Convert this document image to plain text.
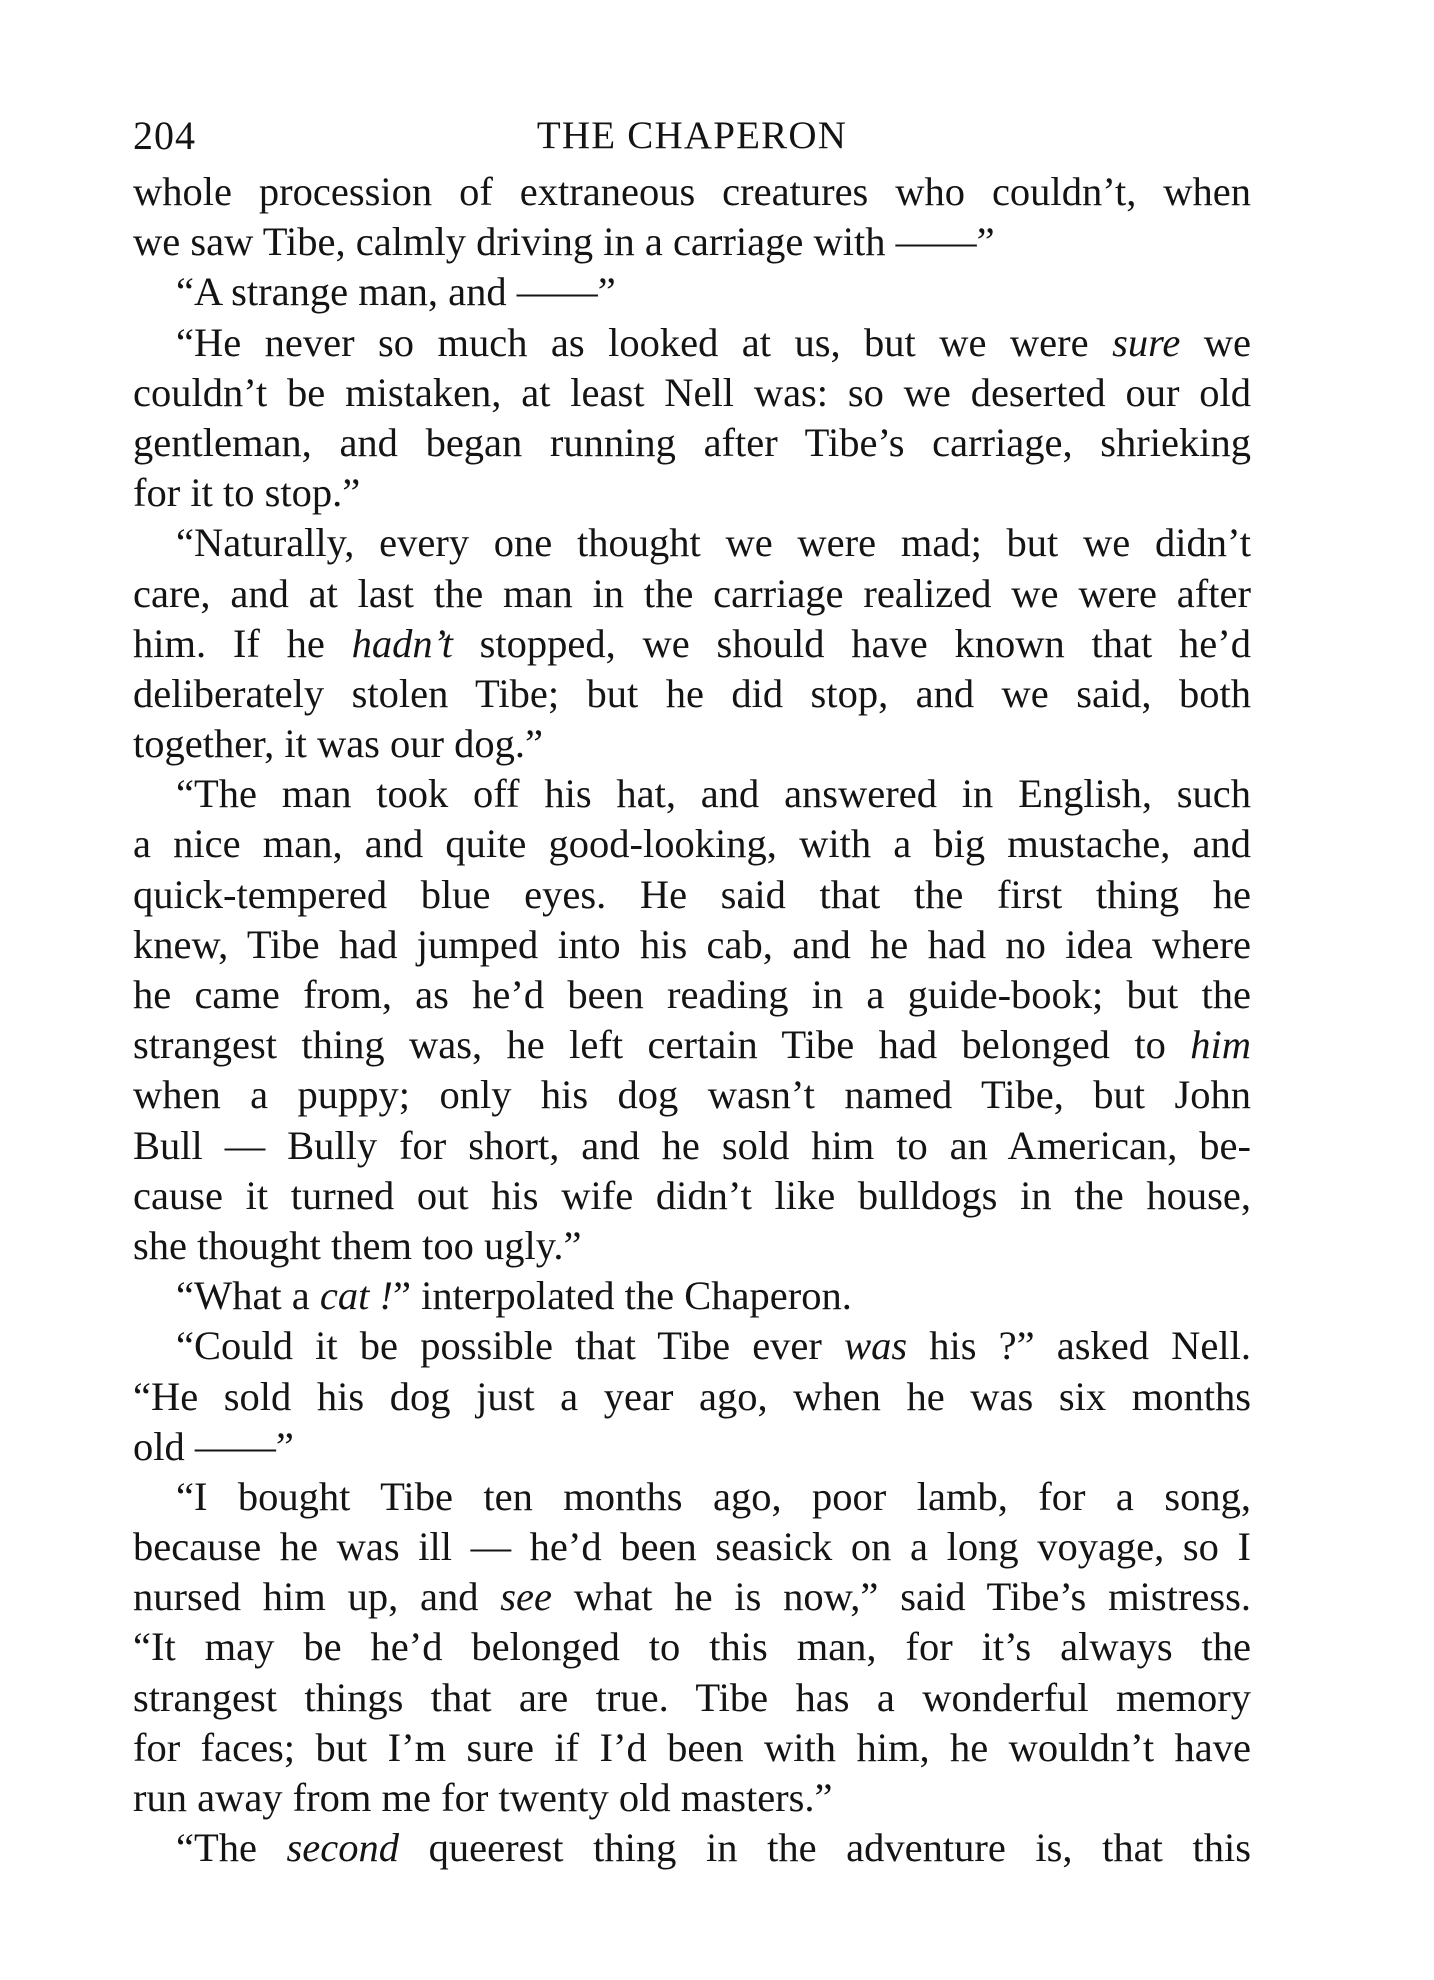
204	THE CHAPERON
whole procession of extraneous creatures who couldn’t, when
we saw Tibe, calmly driving in a carriage with ——”
“A strange man, and ——”
“He never so much as looked at us, but we were sure we
couldn’t be mistaken, at least Nell was: so we deserted our old
gentleman, and began running after Tibe’s carriage, shrieking
for it to stop.”
“Naturally, every one thought we were mad; but we didn’t
care, and at last the man in the carriage realized we were after
him. If he hadn’t stopped, we should have known that he’d
deliberately stolen Tibe; but he did stop, and we said, both
together, it was our dog.”
“The man took off his hat, and answered in English, such
a nice man, and quite good-looking, with a big mustache, and
quick-tempered blue eyes. He said that the first thing he
knew, Tibe had jumped into his cab, and he had no idea where
he came from, as he’d been reading in a guide-book; but the
strangest thing was, he left certain Tibe had belonged to him
when a puppy; only his dog wasn’t named Tibe, but John
Bull — Bully for short, and he sold him to an American, be-
cause it turned out his wife didn’t like bulldogs in the house,
she thought them too ugly.”
“What a cat !” interpolated the Chaperon.
“Could it be possible that Tibe ever was his ?” asked Nell.
“He sold his dog just a year ago, when he was six months
old ——”
“I bought Tibe ten months ago, poor lamb, for a song,
because he was ill — he’d been seasick on a long voyage, so I
nursed him up, and see what he is now,” said Tibe’s mistress.
“It may be he’d belonged to this man, for it’s always the
strangest things that are true. Tibe has a wonderful memory
for faces; but I’m sure if I’d been with him, he wouldn’t have
run away from me for twenty old masters.”
“The second queerest thing in the adventure is, that this
